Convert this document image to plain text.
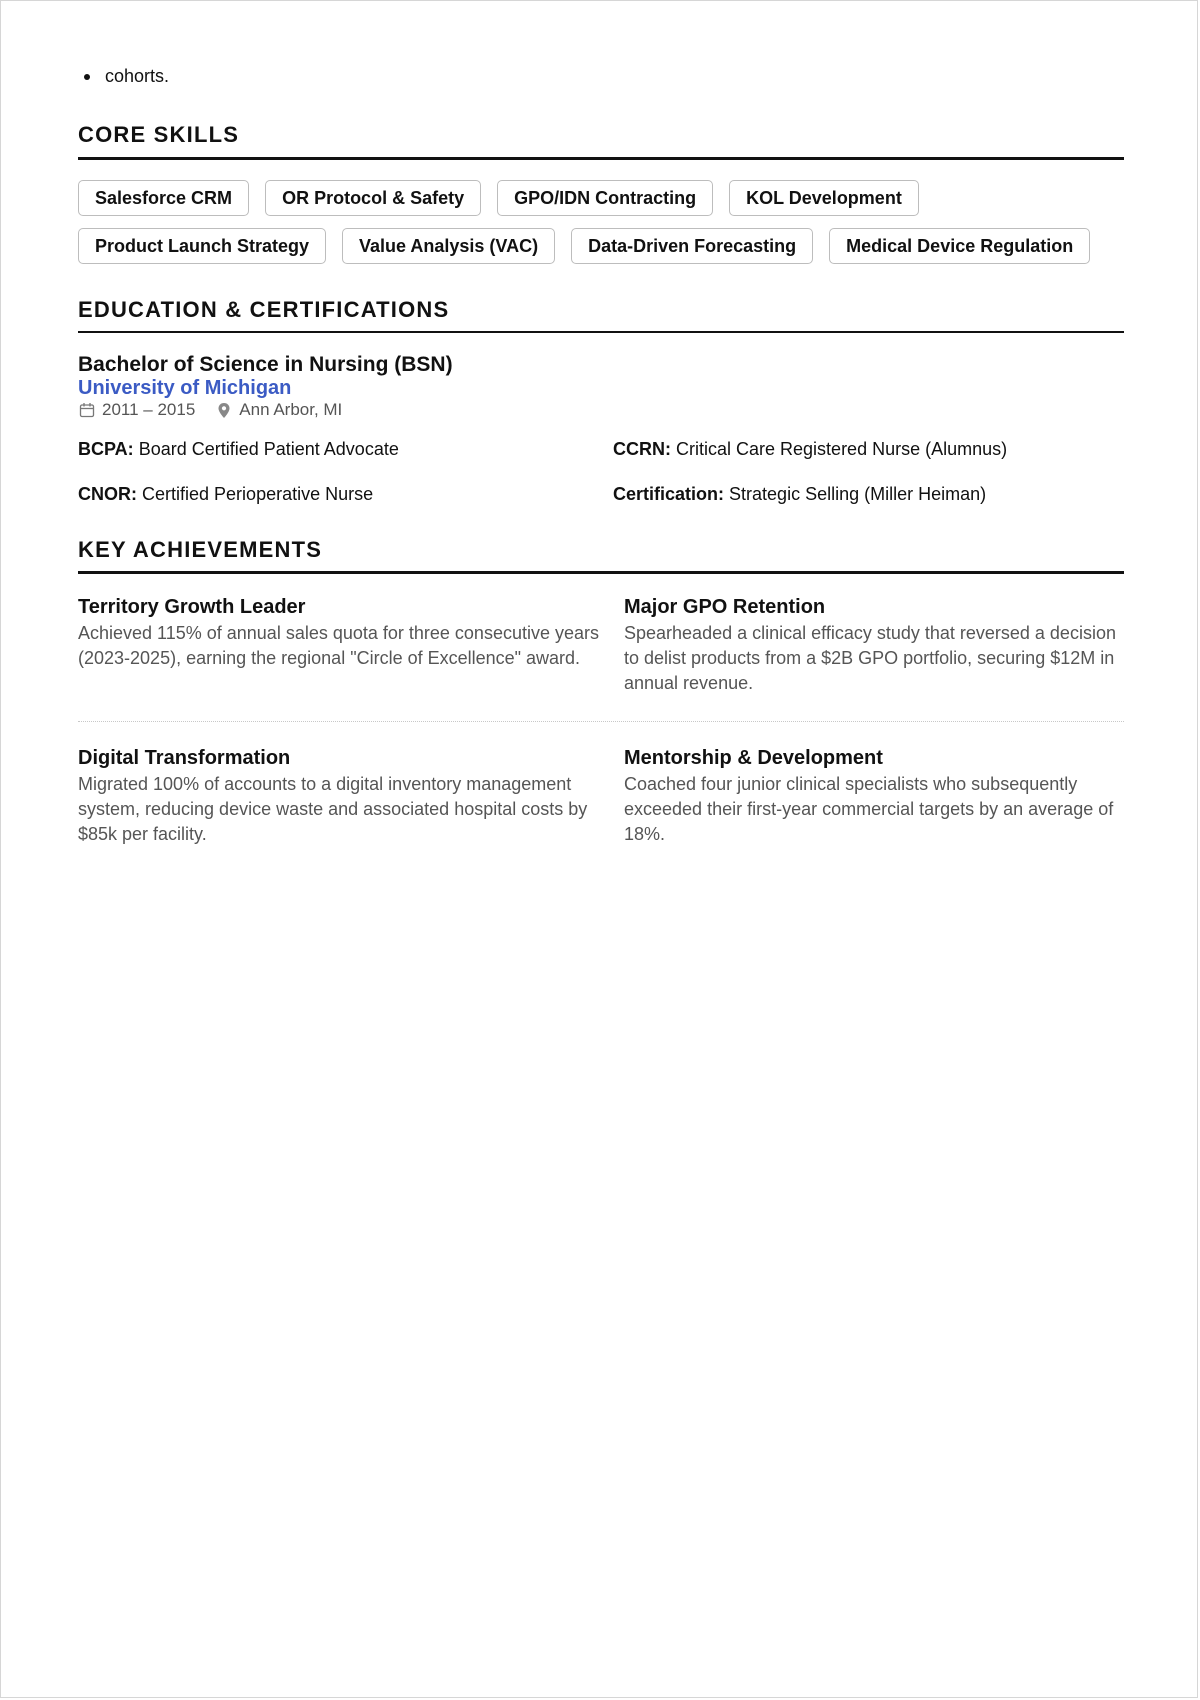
cohorts.
CORE SKILLS
Salesforce CRM	OR Protocol & Safety	GPO/IDN Contracting	KOL Development
Product Launch Strategy	Value Analysis (VAC)	Data-Driven Forecasting	Medical Device Regulation
EDUCATION & CERTIFICATIONS
Bachelor of Science in Nursing (BSN)
University of Michigan
2011 – 2015	Ann Arbor, MI
BCPA: Board Certified Patient Advocate	CCRN: Critical Care Registered Nurse (Alumnus)
CNOR: Certified Perioperative Nurse	Certification: Strategic Selling (Miller Heiman)
KEY ACHIEVEMENTS
Territory Growth Leader
Achieved 115% of annual sales quota for three consecutive years (2023-2025), earning the regional "Circle of Excellence" award.
Major GPO Retention
Spearheaded a clinical efficacy study that reversed a decision to delist products from a $2B GPO portfolio, securing $12M in annual revenue.
Digital Transformation
Migrated 100% of accounts to a digital inventory management system, reducing device waste and associated hospital costs by $85k per facility.
Mentorship & Development
Coached four junior clinical specialists who subsequently exceeded their first-year commercial targets by an average of 18%.
